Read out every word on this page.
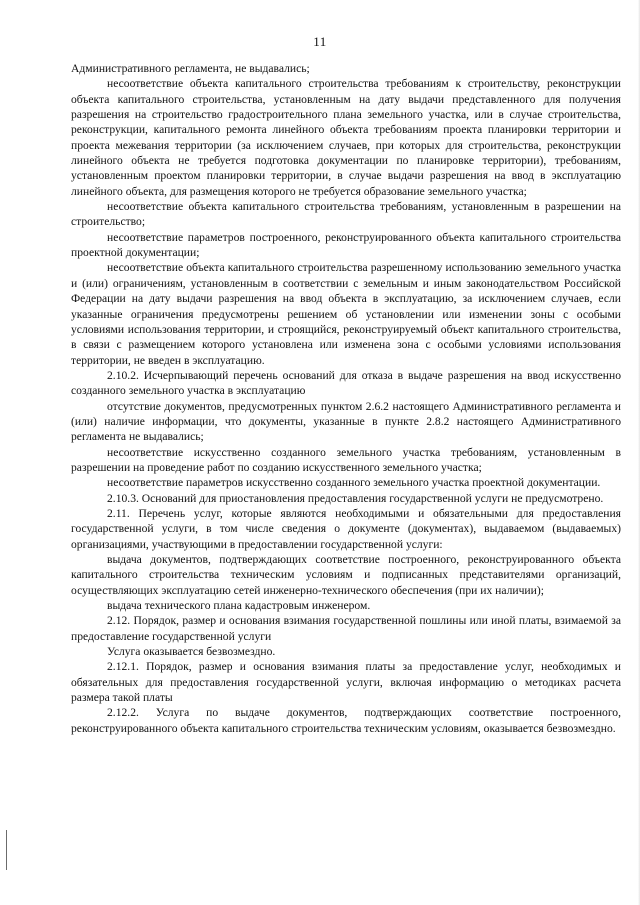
11

Административного регламента, не выдавались;

несоответствие объекта капитального строительства требованиям к строительству, реконструкции объекта капитального строительства, установленным на дату выдачи представленного для получения разрешения на строительство градостроительного плана земельного участка, или в случае строительства, реконструкции, капитального ремонта линейного объекта требованиям проекта планировки территории и проекта межевания территории (за исключением случаев, при которых для строительства, реконструкции линейного объекта не требуется подготовка документации по планировке территории), требованиям, установленным проектом планировки территории, в случае выдачи разрешения на ввод в эксплуатацию линейного объекта, для размещения которого не требуется образование земельного участка;

несоответствие объекта капитального строительства требованиям, установленным в разрешении на строительство;

несоответствие параметров построенного, реконструированного объекта капитального строительства проектной документации;

несоответствие объекта капитального строительства разрешенному использованию земельного участка и (или) ограничениям, установленным в соответствии с земельным и иным законодательством Российской Федерации на дату выдачи разрешения на ввод объекта в эксплуатацию, за исключением случаев, если указанные ограничения предусмотрены решением об установлении или изменении зоны с особыми условиями использования территории, и строящийся, реконструируемый объект капитального строительства, в связи с размещением которого установлена или изменена зона с особыми условиями использования территории, не введен в эксплуатацию.

2.10.2. Исчерпывающий перечень оснований для отказа в выдаче разрешения на ввод искусственно созданного земельного участка в эксплуатацию

отсутствие документов, предусмотренных пунктом 2.6.2 настоящего Административного регламента и (или) наличие информации, что документы, указанные в пункте 2.8.2 настоящего Административного регламента не выдавались;

несоответствие искусственно созданного земельного участка требованиям, установленным в разрешении на проведение работ по созданию искусственного земельного участка;

несоответствие параметров искусственно созданного земельного участка проектной документации.

2.10.3. Оснований для приостановления предоставления государственной услуги не предусмотрено.

2.11. Перечень услуг, которые являются необходимыми и обязательными для предоставления государственной услуги, в том числе сведения о документе (документах), выдаваемом (выдаваемых) организациями, участвующими в предоставлении государственной услуги:

выдача документов, подтверждающих соответствие построенного, реконструированного объекта капитального строительства техническим условиям и подписанных представителями организаций, осуществляющих эксплуатацию сетей инженерно-технического обеспечения (при их наличии);

выдача технического плана кадастровым инженером.

2.12. Порядок, размер и основания взимания государственной пошлины или иной платы, взимаемой за предоставление государственной услуги

Услуга оказывается безвозмездно.

2.12.1. Порядок, размер и основания взимания платы за предоставление услуг, необходимых и обязательных для предоставления государственной услуги, включая информацию о методиках расчета размера такой платы

2.12.2. Услуга по выдаче документов, подтверждающих соответствие построенного, реконструированного объекта капитального строительства техническим условиям, оказывается безвозмездно.
